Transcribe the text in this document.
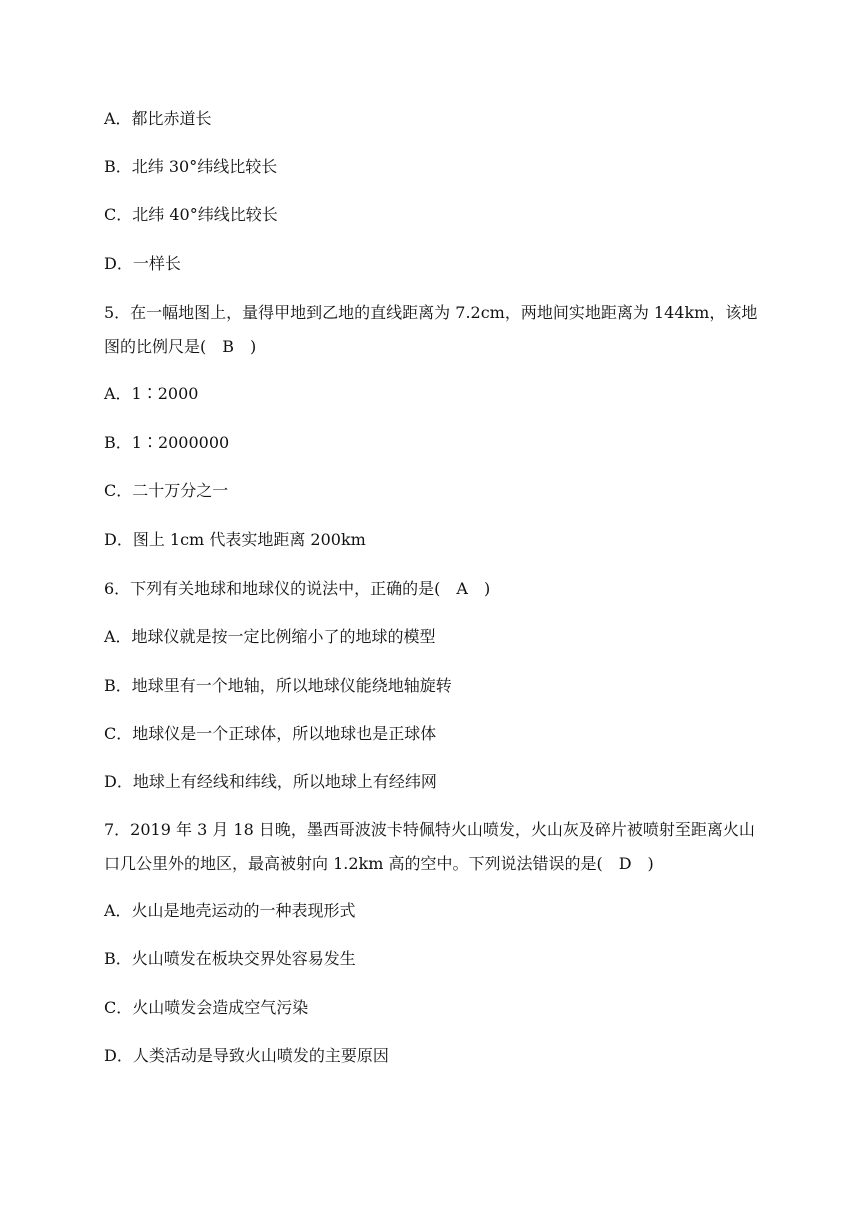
A．都比赤道长
B．北纬 30°纬线比较长
C．北纬 40°纬线比较长
D．一样长
5．在一幅地图上，量得甲地到乙地的直线距离为 7.2cm，两地间实地距离为 144km，该地图的比例尺是(　B　)
A．1∶2000
B．1∶2000000
C．二十万分之一
D．图上 1cm 代表实地距离 200km
6．下列有关地球和地球仪的说法中，正确的是(　A　)
A．地球仪就是按一定比例缩小了的地球的模型
B．地球里有一个地轴，所以地球仪能绕地轴旋转
C．地球仪是一个正球体，所以地球也是正球体
D．地球上有经线和纬线，所以地球上有经纬网
7．2019 年 3 月 18 日晚，墨西哥波波卡特佩特火山喷发，火山灰及碎片被喷射至距离火山口几公里外的地区，最高被射向 1.2km 高的空中。下列说法错误的是(　D　)
A．火山是地壳运动的一种表现形式
B．火山喷发在板块交界处容易发生
C．火山喷发会造成空气污染
D．人类活动是导致火山喷发的主要原因
